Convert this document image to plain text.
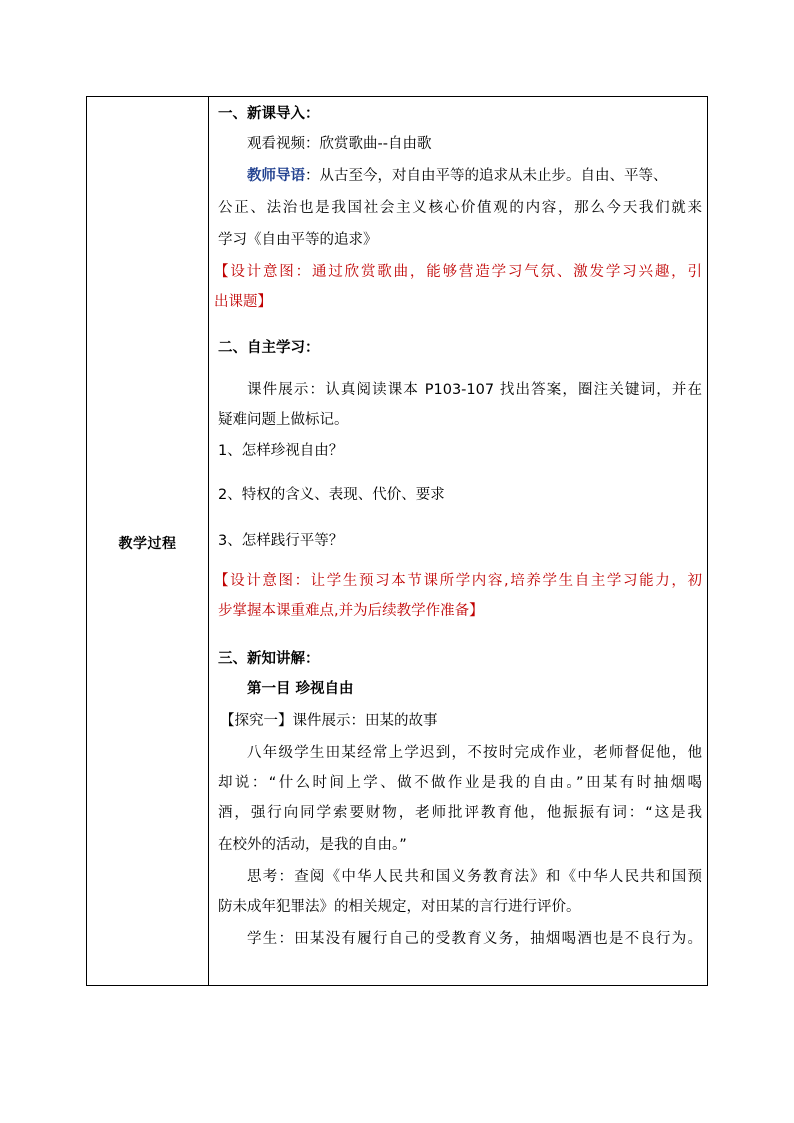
教学过程
一、新课导入：
观看视频：欣赏歌曲--自由歌
教师导语：从古至今，对自由平等的追求从未止步。自由、平等、
公正、法治也是我国社会主义核心价值观的内容，那么今天我们就来
学习《自由平等的追求》
【设计意图：通过欣赏歌曲，能够营造学习气氛、激发学习兴趣，引
出课题】
二、自主学习：
课件展示：认真阅读课本 P103-107 找出答案，圈注关键词，并在
疑难问题上做标记。
1、怎样珍视自由？
2、特权的含义、表现、代价、要求
3、怎样践行平等？
【设计意图：让学生预习本节课所学内容,培养学生自主学习能力，初
步掌握本课重难点,并为后续教学作准备】
三、新知讲解：
第一目 珍视自由
【探究一】课件展示：田某的故事
八年级学生田某经常上学迟到，不按时完成作业，老师督促他，他
却说：“什么时间上学、做不做作业是我的自由。”田某有时抽烟喝
酒，强行向同学索要财物，老师批评教育他，他振振有词：“这是我
在校外的活动，是我的自由。”
思考：查阅《中华人民共和国义务教育法》和《中华人民共和国预
防未成年犯罪法》的相关规定，对田某的言行进行评价。
学生：田某没有履行自己的受教育义务，抽烟喝酒也是不良行为。
